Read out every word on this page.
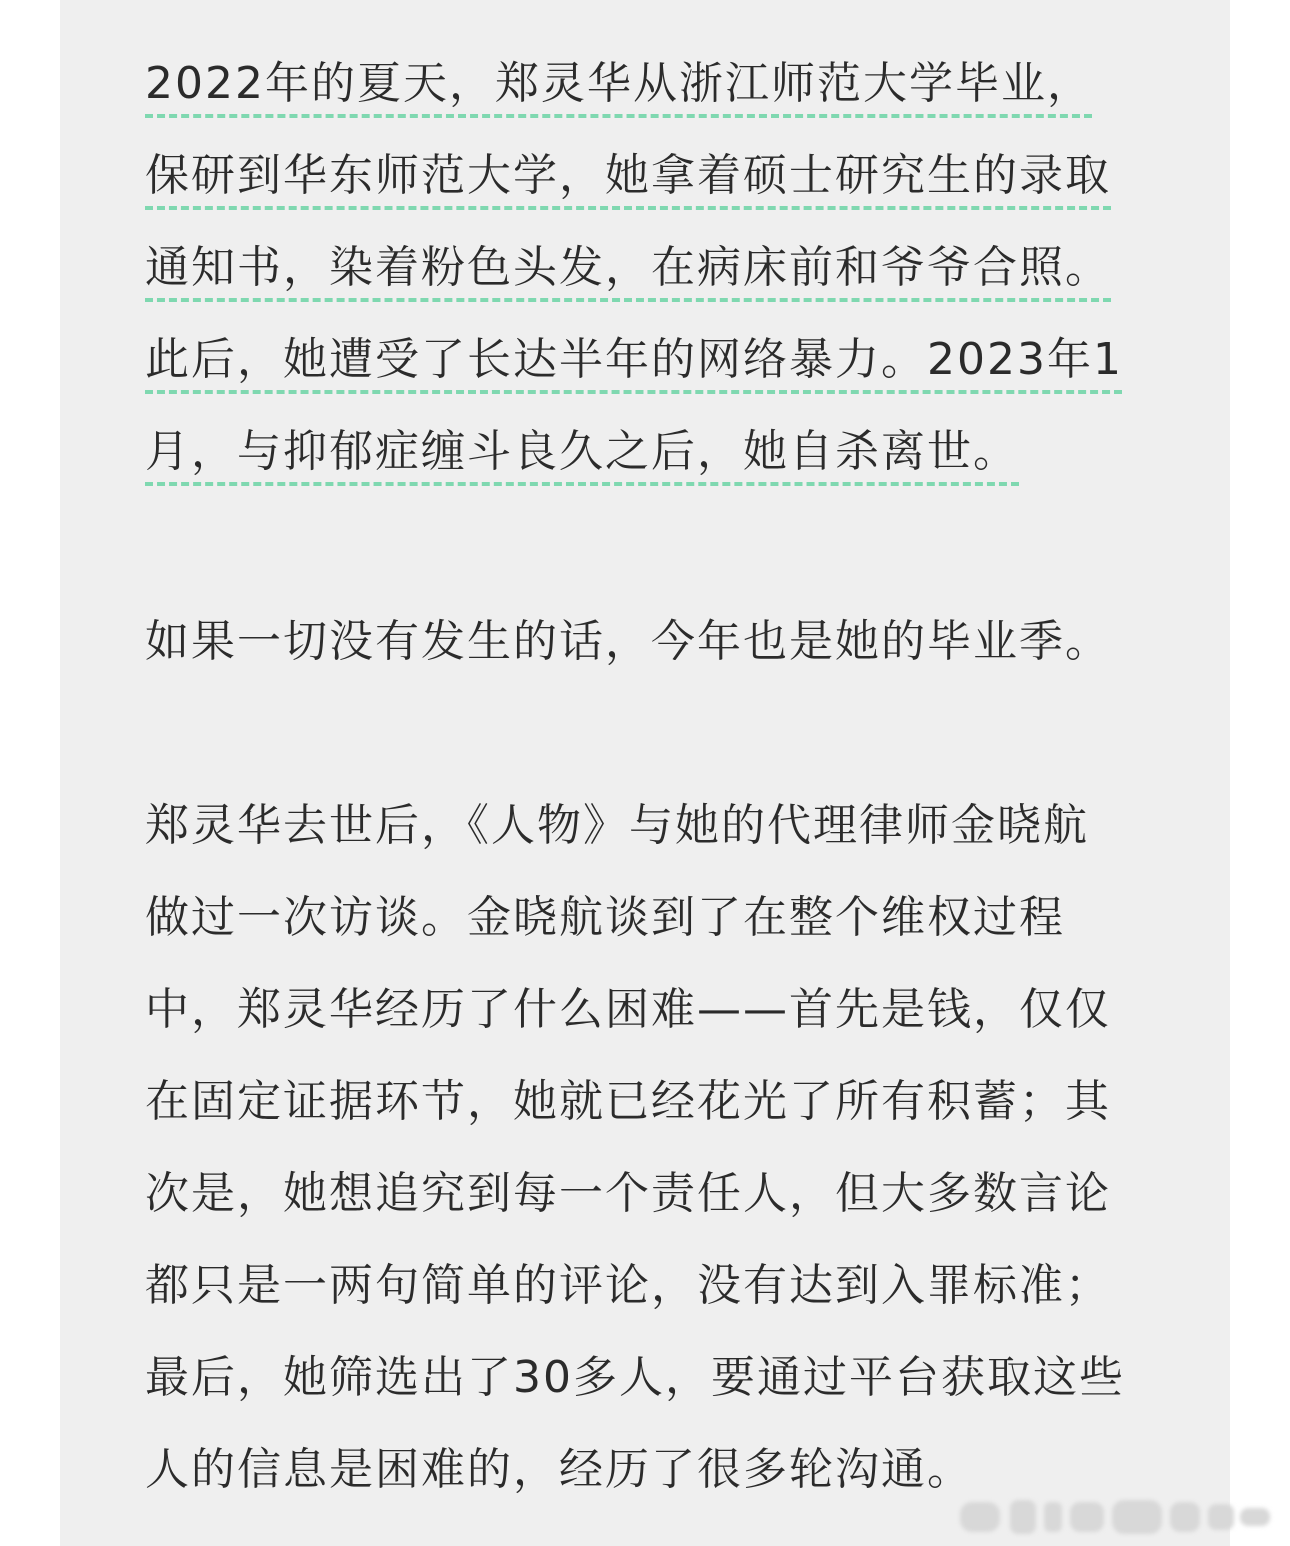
2022年的夏天，郑灵华从浙江师范大学毕业，
保研到华东师范大学，她拿着硕士研究生的录取
通知书，染着粉色头发，在病床前和爷爷合照。
此后，她遭受了长达半年的网络暴力。2023年1
月，与抑郁症缠斗良久之后，她自杀离世。

如果一切没有发生的话，今年也是她的毕业季。

郑灵华去世后，《人物》与她的代理律师金晓航
做过一次访谈。金晓航谈到了在整个维权过程
中，郑灵华经历了什么困难——首先是钱，仅仅
在固定证据环节，她就已经花光了所有积蓄；其
次是，她想追究到每一个责任人，但大多数言论
都只是一两句简单的评论，没有达到入罪标准；
最后，她筛选出了30多人，要通过平台获取这些
人的信息是困难的，经历了很多轮沟通。
